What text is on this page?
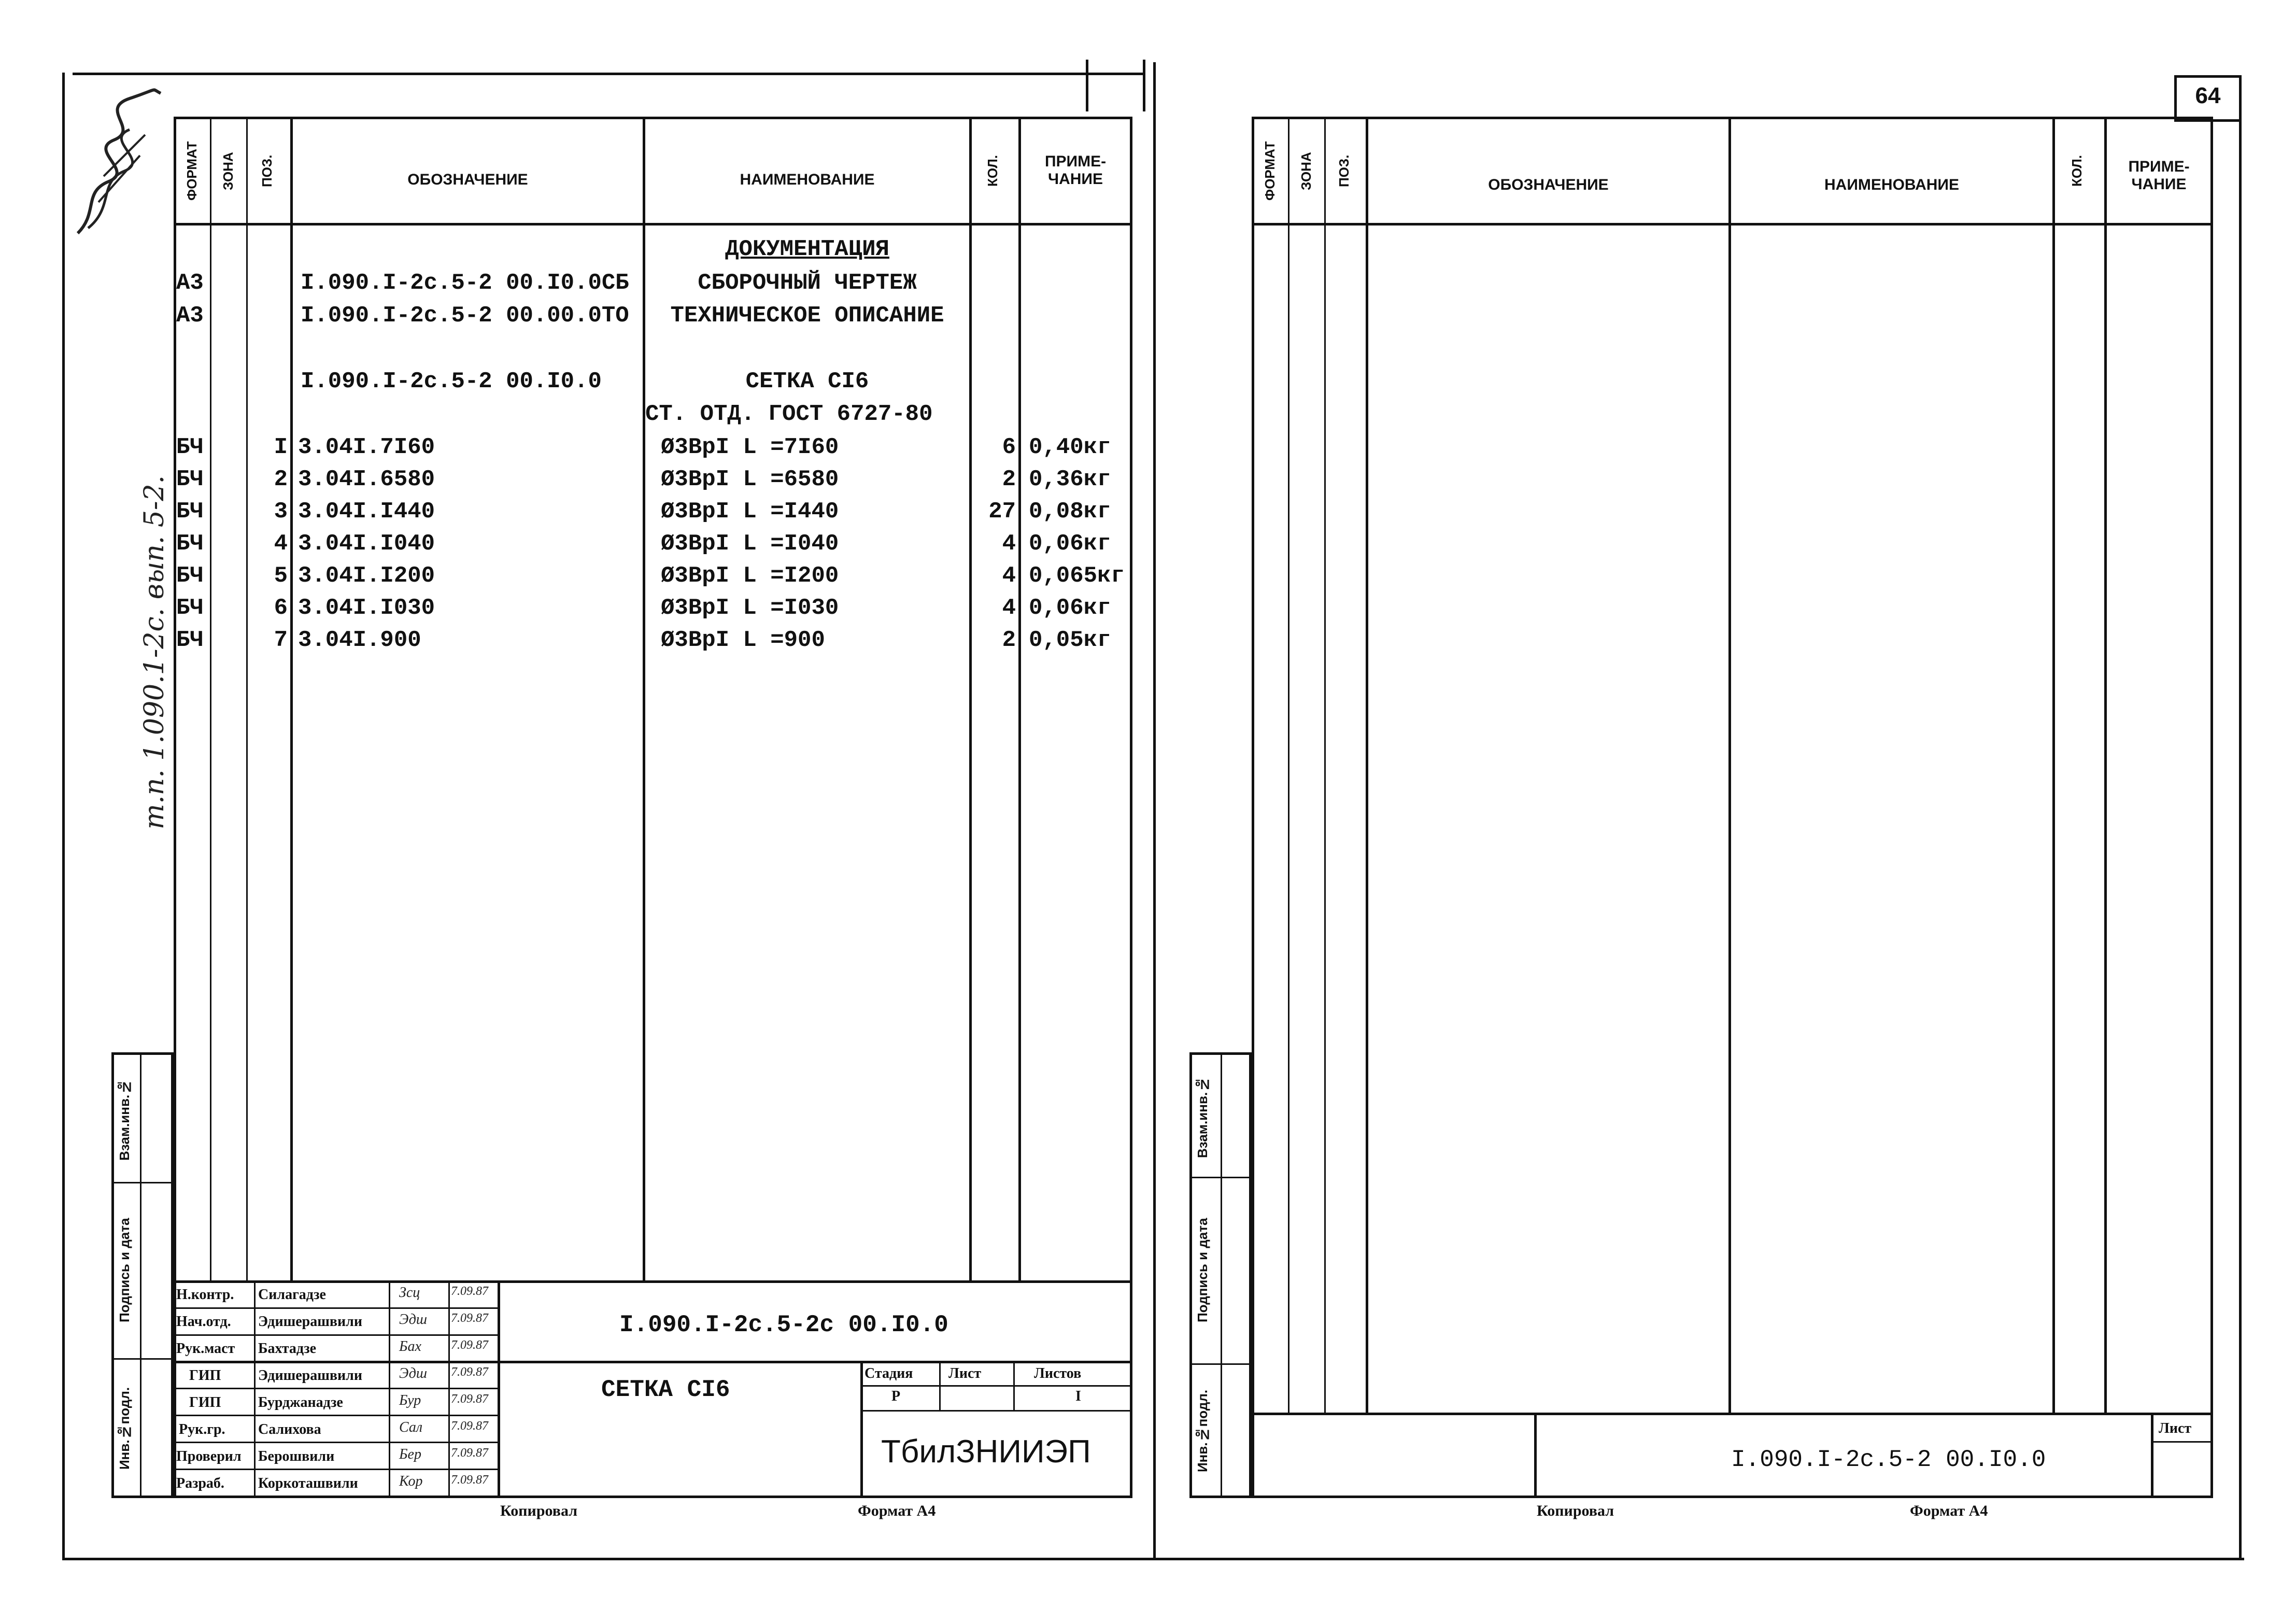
64
т.п. 1.090.1-2с. вып. 5-2.
ФОРМАТ ЗОНА ПОЗ.	ОБОЗНАЧЕНИЕ	НАИМЕНОВАНИЕ	КОЛ.	ПРИМЕ-ЧАНИЕ
ДОКУМЕНТАЦИЯ
А3	I.090.I-2с.5-2 00.I0.0СБ	СБОРОЧНЫЙ ЧЕРТЕЖ
А3	I.090.I-2с.5-2 00.00.0ТО	ТЕХНИЧЕСКОЕ ОПИСАНИЕ
I.090.I-2с.5-2 00.I0.0	СЕТКА СI6
СТ. ОТД. ГОСТ 6727-80
БЧ	I 3.04I.7I60	Ø3ВрI L =7I60	6 0,40кг
БЧ	2 3.04I.6580	Ø3ВрI L =6580	2 0,36кг
БЧ	3 3.04I.I440	Ø3ВрI L =I440	27 0,08кг
БЧ	4 3.04I.I040	Ø3ВрI L =I040	4 0,06кг
БЧ	5 3.04I.I200	Ø3ВрI L =I200	4 0,065кг
БЧ	6 3.04I.I030	Ø3ВрI L =I030	4 0,06кг
БЧ	7 3.04I.900	Ø3ВрI L =900	2 0,05кг
Взам.инв.№
Подпись и дата
Инв.№подл.
Н.контр. Силагадзе	Зсц 7.09.87
Нач.отд. Эдишерашвили	Эдш 7.09.87
Рук.маст Бахтадзе	Бах 7.09.87
ГИП	Эдишерашвили	Эдш 7.09.87
ГИП	Бурджанадзе	Бур 7.09.87
Рук.гр. Салихова	Сал 7.09.87
Проверил Берошвили	Бер 7.09.87
Разраб. Коркоташвили	Кор 7.09.87
I.090.I-2с.5-2с 00.I0.0
СЕТКА СI6
Стадия Лист	Листов
Р	I
ТбилЗНИИЭП
Копировал	Формат А4
ФОРМАТ ЗОНА ПОЗ.	ОБОЗНАЧЕНИЕ	НАИМЕНОВАНИЕ	КОЛ.	ПРИМЕ-ЧАНИЕ
Взам.инв.№
Подпись и дата
Инв.№подл.	Лист
I.090.I-2с.5-2 00.I0.0
Копировал	Формат А4
